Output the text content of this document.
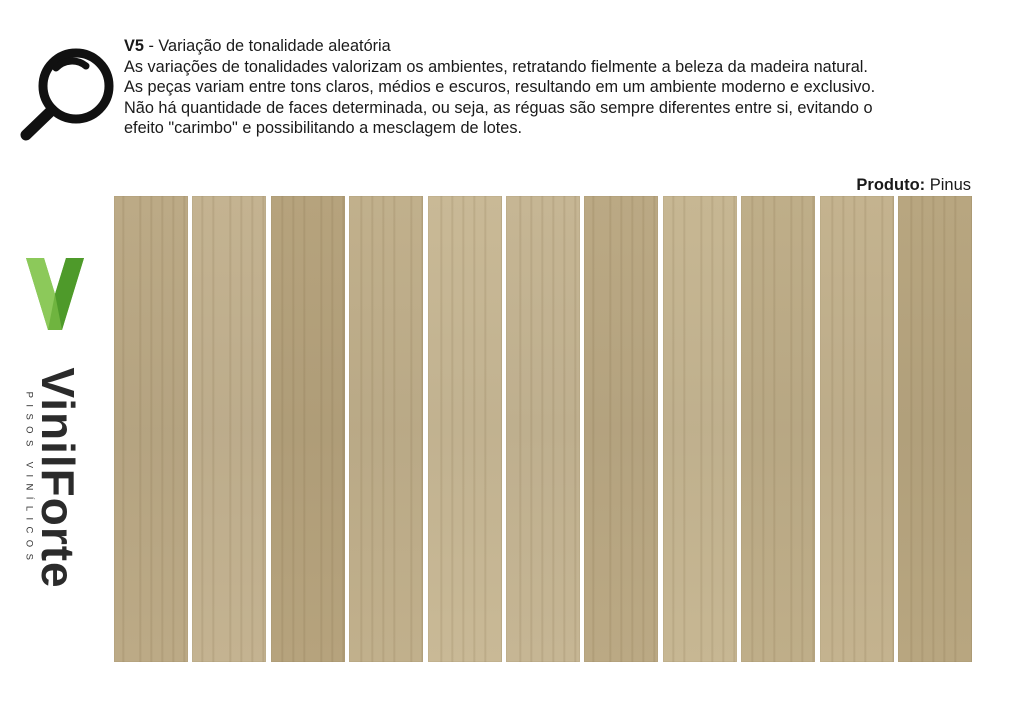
V5 - Variação de tonalidade aleatória
As variações de tonalidades valorizam os ambientes, retratando fielmente a beleza da madeira natural.
As peças variam entre tons claros, médios e escuros, resultando em um ambiente moderno e exclusivo.
Não há quantidade de faces determinada, ou seja, as réguas são sempre diferentes entre si, evitando o
efeito "carimbo" e possibilitando a mesclagem de lotes.
Produto: Pinus
VinilForte
PISOS VINÍLICOS
